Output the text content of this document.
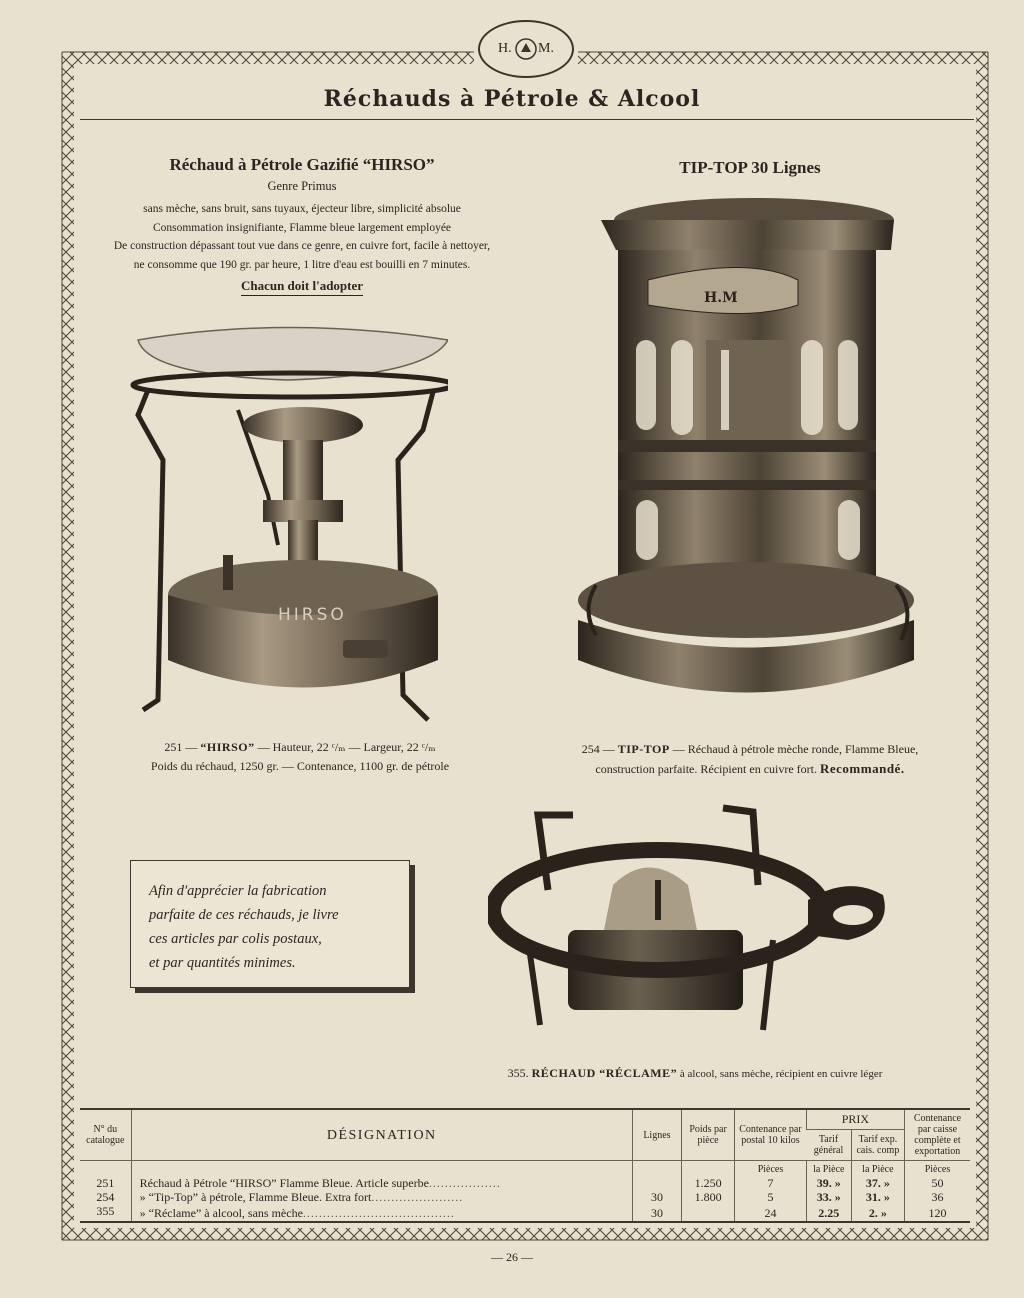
H. M.
Réchauds à Pétrole & Alcool
Réchaud à Pétrole Gazifié “HIRSO”
Genre Primus
sans mèche, sans bruit, sans tuyaux, éjecteur libre, simplicité absolue
Consommation insignifiante, Flamme bleue largement employée
De construction dépassant tout vue dans ce genre, en cuivre fort, facile à nettoyer,
ne consomme que 190 gr. par heure, 1 litre d'eau est bouilli en 7 minutes.
Chacun doit l'adopter
TIP-TOP 30 Lignes
HIRSO
H.M
251 — “HIRSO” — Hauteur, 22 ᶜ/ₘ — Largeur, 22 ᶜ/ₘ
Poids du réchaud, 1250 gr. — Contenance, 1100 gr. de pétrole
254 — TIP-TOP — Réchaud à pétrole mèche ronde, Flamme Bleue,
construction parfaite. Récipient en cuivre fort. Recommandé.
Afin d'apprécier la fabrication
parfaite de ces réchauds, je livre
ces articles par colis postaux,
et par quantités minimes.
355. RÉCHAUD “RÉCLAME” à alcool, sans mèche, récipient en cuivre léger
N° du catalogue	DÉSIGNATION	Lignes	Poids par pièce	Contenance par postal 10 kilos	PRIX		Contenance par caisse complète et exportation
					Tarif général	Tarif exp. cais. comp	
				Pièces	la Pièce	la Pièce	Pièces
251	Réchaud à Pétrole “HIRSO” Flamme Bleue. Article superbe..................		1.250	7	39. »	37. »	50
254	» “Tip-Top” à pétrole, Flamme Bleue. Extra fort.......................	30	1.800	5	33. »	31. »	36
355	» “Réclame” à alcool, sans mèche......................................	30		24	2.25	2. »	120
— 26 —
